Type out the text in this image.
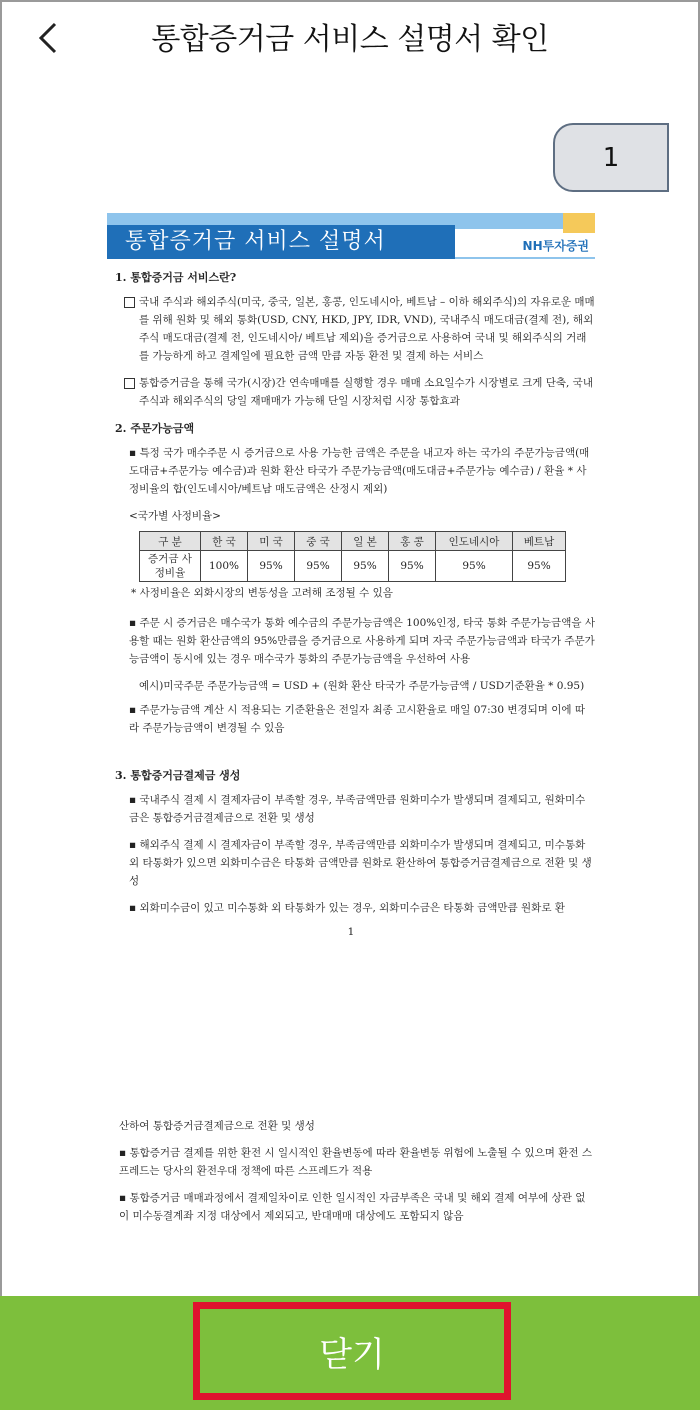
통합증거금 서비스 설명서 확인
1
통합증거금 서비스 설명서	NH투자증권
1. 통합증거금 서비스란?
국내 주식과 해외주식(미국, 중국, 일본, 홍콩, 인도네시아, 베트남 – 이하 해외주식)의 자유로운 매매를 위해 원화 및 해외 통화(USD, CNY, HKD, JPY, IDR, VND), 국내주식 매도대금(결제 전), 해외주식 매도대금(결제 전, 인도네시아/ 베트남 제외)을 증거금으로 사용하여 국내 및 해외주식의 거래를 가능하게 하고 결제일에 필요한 금액 만큼 자동 환전 및 결제 하는 서비스
통합증거금을 통해 국가(시장)간 연속매매를 실행할 경우 매매 소요일수가 시장별로 크게 단축, 국내주식과 해외주식의 당일 재매매가 가능해 단일 시장처럼 시장 통합효과
2. 주문가능금액
▪ 특정 국가 매수주문 시 증거금으로 사용 가능한 금액은 주문을 내고자 하는 국가의 주문가능금액(매도대금+주문가능 예수금)과 원화 환산 타국가 주문가능금액(매도대금+주문가능 예수금) / 환율 * 사정비율의 합(인도네시아/베트남 매도금액은 산정시 제외)
<국가별 사정비율>
구 분	한 국	미 국	중 국	일 본	홍 콩	인도네시아	베트남
증거금 사정비율	100%	95%	95%	95%	95%	95%	95%
* 사정비율은 외화시장의 변동성을 고려해 조정될 수 있음
▪ 주문 시 증거금은 매수국가 통화 예수금의 주문가능금액은 100%인정, 타국 통화 주문가능금액을 사용할 때는 원화 환산금액의 95%만큼을 증거금으로 사용하게 되며 자국 주문가능금액과 타국가 주문가능금액이 동시에 있는 경우 매수국가 통화의 주문가능금액을 우선하여 사용
예시)미국주문 주문가능금액 = USD + (원화 환산 타국가 주문가능금액 / USD기준환율 * 0.95)
▪ 주문가능금액 계산 시 적용되는 기준환율은 전일자 최종 고시환율로 매일 07:30 변경되며 이에 따라 주문가능금액이 변경될 수 있음
3. 통합증거금결제금 생성
▪ 국내주식 결제 시 결제자금이 부족할 경우, 부족금액만큼 원화미수가 발생되며 결제되고, 원화미수금은 통합증거금결제금으로 전환 및 생성
▪ 해외주식 결제 시 결제자금이 부족할 경우, 부족금액만큼 외화미수가 발생되며 결제되고, 미수통화 외 타통화가 있으면 외화미수금은 타통화 금액만큼 원화로 환산하여 통합증거금결제금으로 전환 및 생성
▪ 외화미수금이 있고 미수통화 외 타통화가 있는 경우, 외화미수금은 타통화 금액만큼 원화로 환
1
산하여 통합증거금결제금으로 전환 및 생성
▪ 통합증거금 결제를 위한 환전 시 일시적인 환율변동에 따라 환율변동 위험에 노출될 수 있으며 환전 스프레드는 당사의 환전우대 정책에 따른 스프레드가 적용
▪ 통합증거금 매매과정에서 결제일차이로 인한 일시적인 자금부족은 국내 및 해외 결제 여부에 상관 없이 미수동결계좌 지정 대상에서 제외되고, 반대매매 대상에도 포함되지 않음
닫기
